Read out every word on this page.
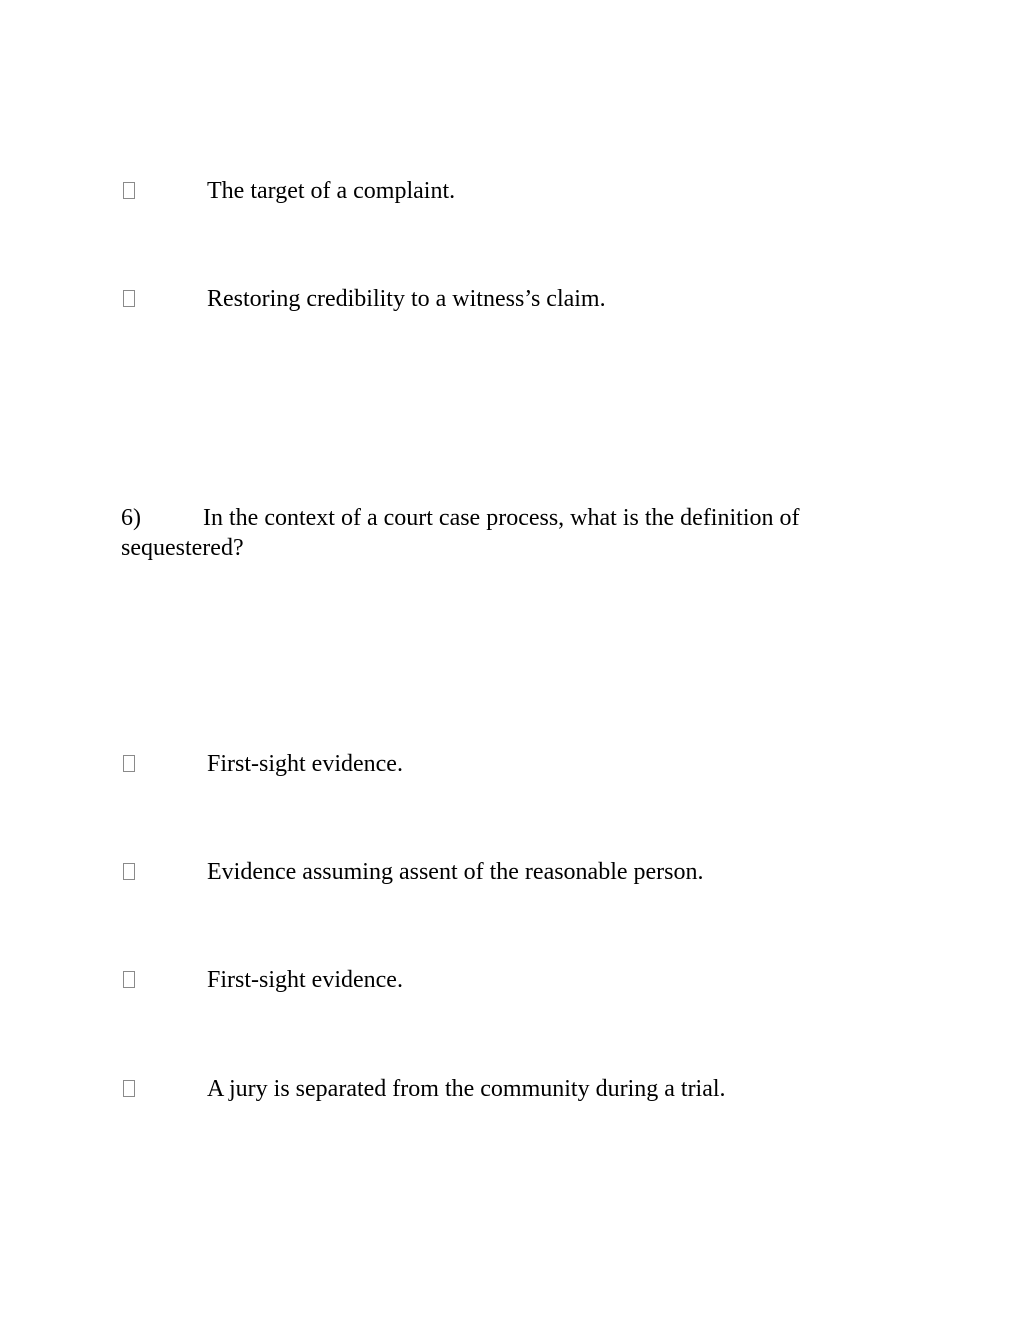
The target of a complaint.
Restoring credibility to a witness’s claim.
6)	In the context of a court case process, what is the definition of sequestered?
First-sight evidence.
Evidence assuming assent of the reasonable person.
First-sight evidence.
A jury is separated from the community during a trial.
